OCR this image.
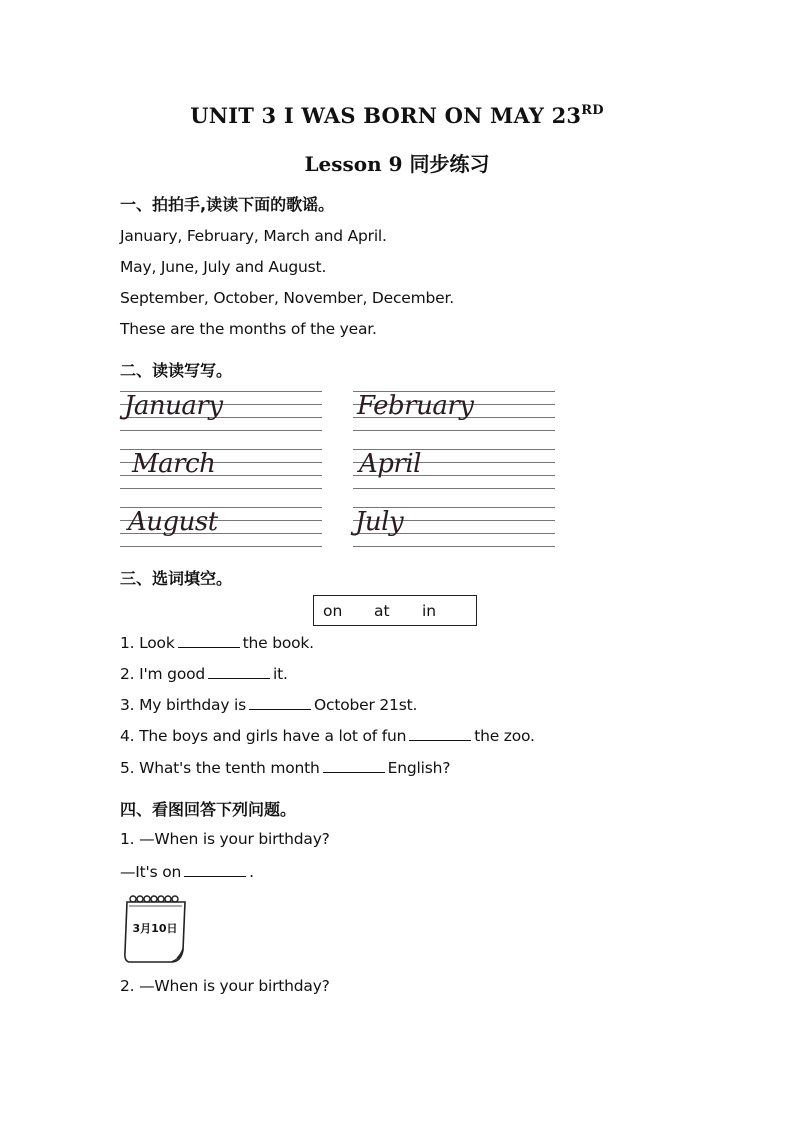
UNIT 3 I WAS BORN ON MAY 23RD
Lesson 9 同步练习
一、拍拍手,读读下面的歌谣。
January, February, March and April.
May, June, July and August.
September, October, November, December.
These are the months of the year.
二、读读写写。
January	February
March	April
August	July
三、选词填空。
on at in
1. Look	the book.
2. I'm good	it.
3. My birthday is	October 21st.
4. The boys and girls have a lot of fun	the zoo.
5. What's the tenth month	English?
四、看图回答下列问题。
1. —When is your birthday?
—It's on	.
3月10日
2. —When is your birthday?
